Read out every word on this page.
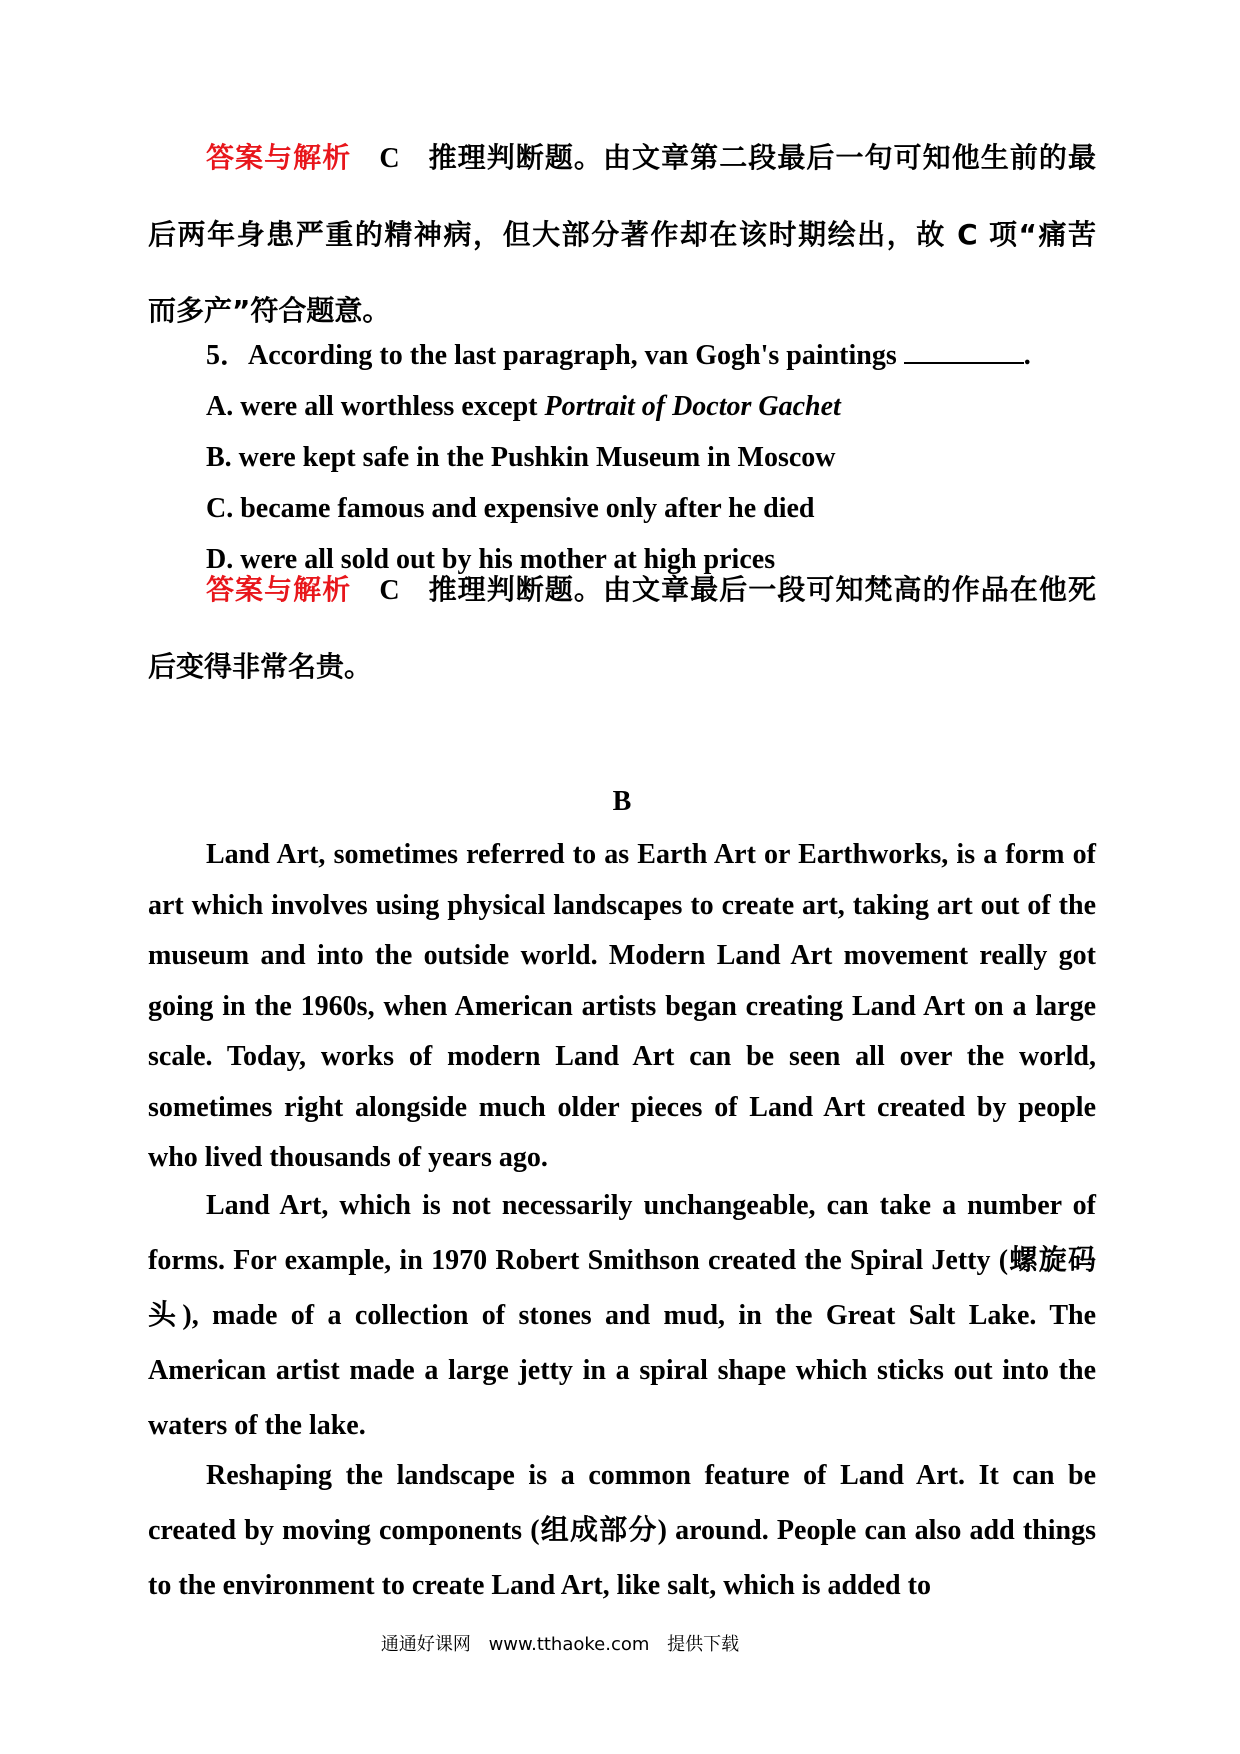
答案与解析 C 推理判断题。由文章第二段最后一句可知他生前的最

后两年身患严重的精神病，但大部分著作却在该时期绘出，故 C 项“痛苦

而多产”符合题意。

5．According to the last paragraph, van Gogh's paintings	.
A. were all worthless except Portrait of Doctor Gachet
B. were kept safe in the Pushkin Museum in Moscow
C. became famous and expensive only after he died
D. were all sold out by his mother at high prices

答案与解析 C 推理判断题。由文章最后一段可知梵高的作品在他死

后变得非常名贵。

B

Land Art, sometimes referred to as Earth Art or Earthworks, is a form of art which involves using physical landscapes to create art, taking art out of the museum and into the outside world. Modern Land Art movement really got going in the 1960s, when American artists began creating Land Art on a large scale. Today, works of modern Land Art can be seen all over the world, sometimes right alongside much older pieces of Land Art created by people who lived thousands of years ago.

Land Art, which is not necessarily unchangeable, can take a number of forms. For example, in 1970 Robert Smithson created the Spiral Jetty (螺旋码头), made of a collection of stones and mud, in the Great Salt Lake. The American artist made a large jetty in a spiral shape which sticks out into the waters of the lake.

Reshaping the landscape is a common feature of Land Art. It can be created by moving components (组成部分) around. People can also add things to the environment to create Land Art, like salt, which is added to

通通好课网 www.tthaoke.com 提供下载
